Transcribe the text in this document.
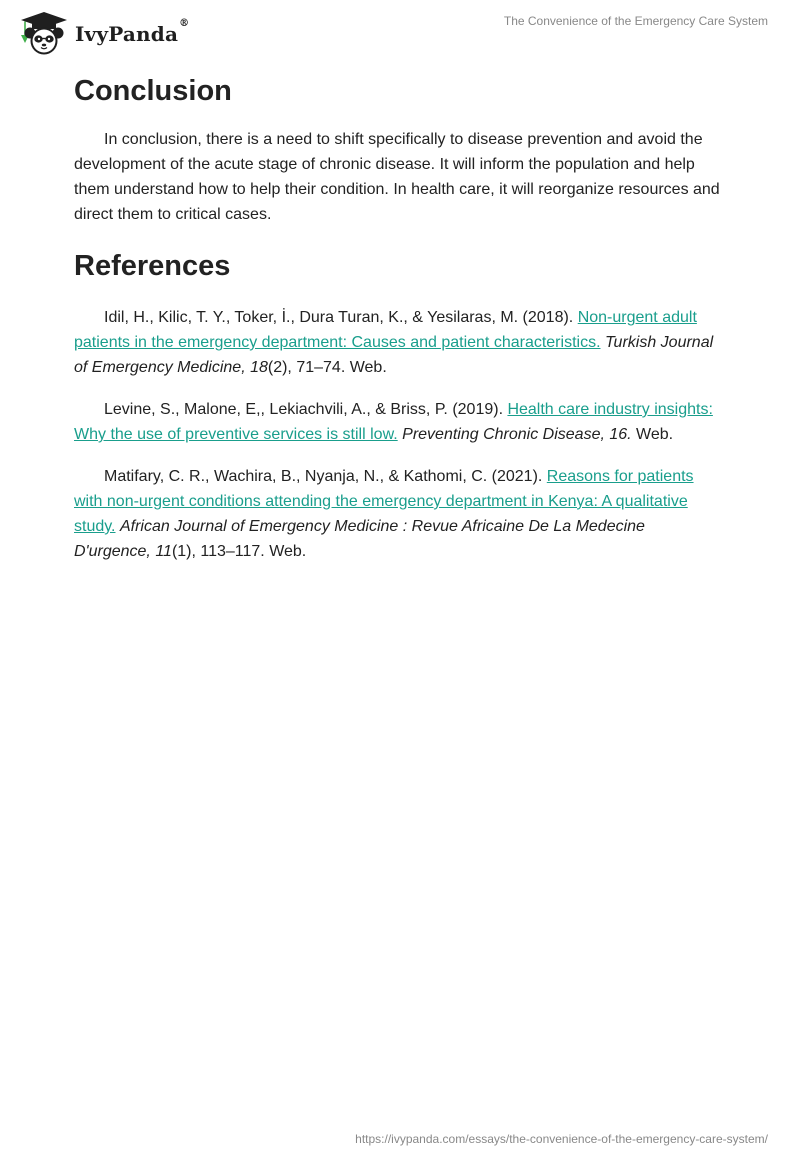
IvyPanda®	The Convenience of the Emergency Care System
Conclusion

In conclusion, there is a need to shift specifically to disease prevention and avoid the development of the acute stage of chronic disease. It will inform the population and help them understand how to help their condition. In health care, it will reorganize resources and direct them to critical cases.

References

Idil, H., Kilic, T. Y., Toker, İ., Dura Turan, K., & Yesilaras, M. (2018). Non-urgent adult patients in the emergency department: Causes and patient characteristics. Turkish Journal of Emergency Medicine, 18(2), 71–74. Web.

Levine, S., Malone, E,, Lekiachvili, A., & Briss, P. (2019). Health care industry insights: Why the use of preventive services is still low. Preventing Chronic Disease, 16. Web.

Matifary, C. R., Wachira, B., Nyanja, N., & Kathomi, C. (2021). Reasons for patients with non-urgent conditions attending the emergency department in Kenya: A qualitative study. African Journal of Emergency Medicine : Revue Africaine De La Medecine D'urgence, 11(1), 113–117. Web.

https://ivypanda.com/essays/the-convenience-of-the-emergency-care-system/
